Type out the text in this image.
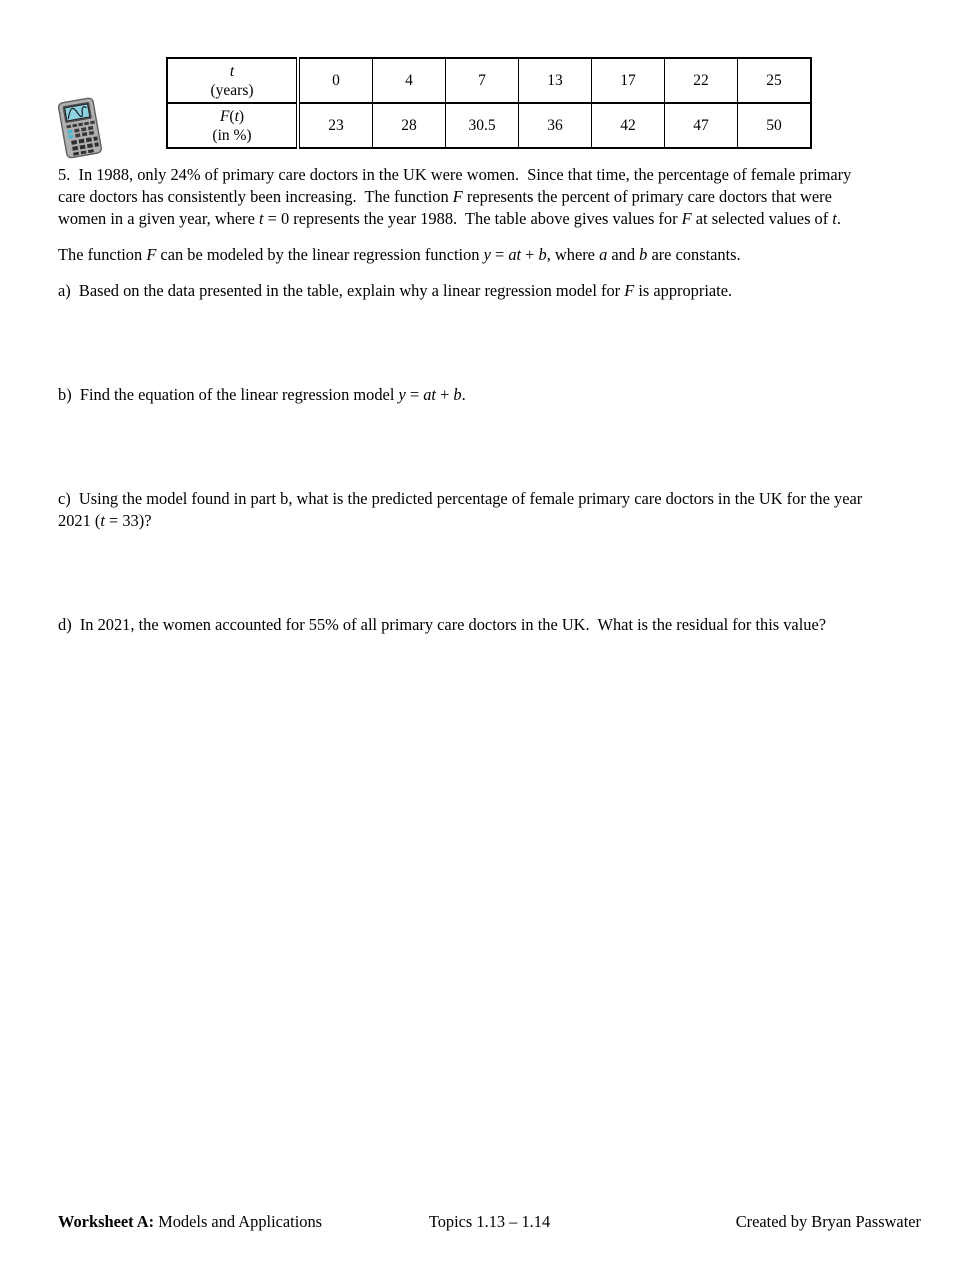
t
(years)	0	4	7	13	17	22	25
F(t)
(in %)	23	28	30.5	36	42	47	50

5.  In 1988, only 24% of primary care doctors in the UK were women.  Since that time, the percentage of female primary
care doctors has consistently been increasing.  The function F represents the percent of primary care doctors that were
women in a given year, where t = 0 represents the year 1988.  The table above gives values for F at selected values of t.

The function F can be modeled by the linear regression function y = at + b, where a and b are constants.

a)  Based on the data presented in the table, explain why a linear regression model for F is appropriate.

b)  Find the equation of the linear regression model y = at + b.

c)  Using the model found in part b, what is the predicted percentage of female primary care doctors in the UK for the year
2021 (t = 33)?

d)  In 2021, the women accounted for 55% of all primary care doctors in the UK.  What is the residual for this value?

Worksheet A: Models and Applications	Topics 1.13 – 1.14	Created by Bryan Passwater
